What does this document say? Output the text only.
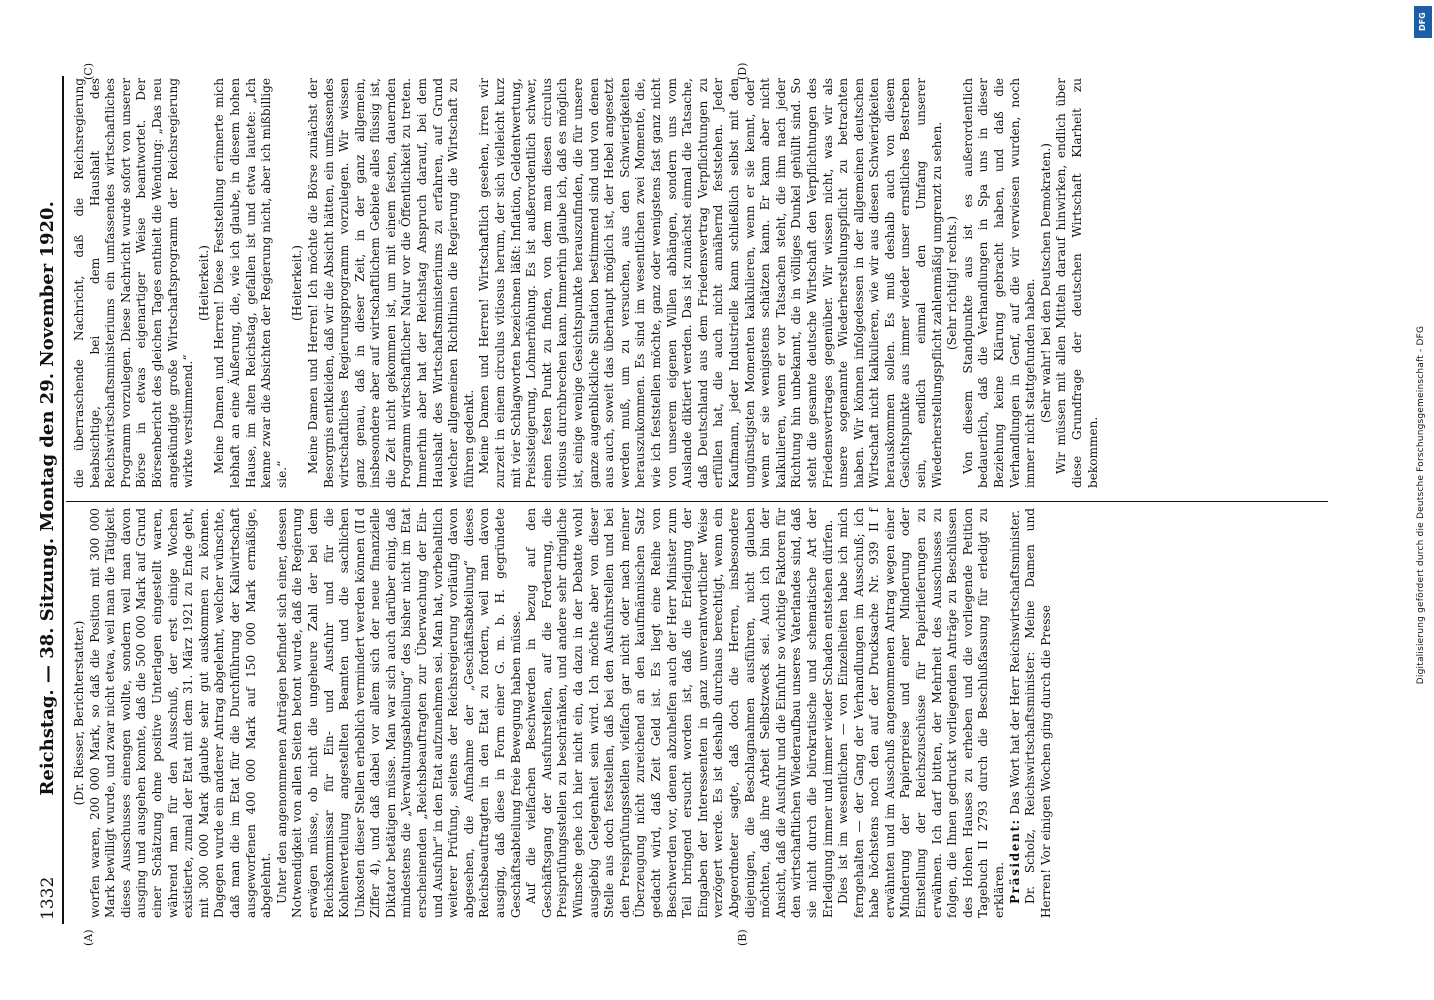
Digitalisierung gefördert durch die Deutsche Forschungsgemeinschaft - DFG
DFG
1332
Reichstag. — 38. Sitzung. Montag den 29. November 1920.
(A)	(B)
(C)	(D)

(Dr. Riesser, Berichterstatter.) worfen waren, 200 000 Mark, so daß die Position mit 300 000 Mark bewilligt wurde, und zwar nicht etwa, weil man die Tätigkeit dieses Ausschusses einengen wollte, sondern weil man davon ausging und ausgehen konnte, daß die 500 000 Mark auf Grund einer Schätzung ohne positive Unterlagen eingestellt waren, während man für den Ausschuß, der erst einige Wochen existierte, zumal der Etat mit dem 31. März 1921 zu Ende geht, mit 300 000 Mark glaubte sehr gut auskommen zu können. Dagegen wurde ein anderer Antrag abgelehnt, welcher wünschte, daß man die im Etat für die Durchführung der Kaliwirtschaft ausgeworfenen 400 000 Mark auf 150 000 Mark ermäßige, abgelehnt. Unter den angenommenen Anträgen befindet sich einer, dessen Notwendigkeit von allen Seiten betont wurde, daß die Regierung erwägen müsse, ob nicht die ungeheure Zahl der bei dem Reichskommissar für Ein- und Ausfuhr und für die Kohlenverteilung angestellten Beamten und die sachlichen Unkosten dieser Stellen erheblich vermindert werden können (II d Ziffer 4), und daß dabei vor allem sich der neue finanzielle Diktator betätigen müsse. Man war sich auch darüber einig, daß mindestens die „Verwaltungsabteilung“ des bisher nicht im Etat erscheinenden „Reichsbeauftragten zur Überwachung der Ein- und Ausfuhr“ in den Etat aufzunehmen sei. Man hat, vorbehaltlich weiterer Prüfung, seitens der Reichsregierung vorläufig davon abgesehen, die Aufnahme der „Geschäftsabteilung“ dieses Reichsbeauftragten in den Etat zu fordern, weil man davon ausging, daß diese in Form einer G. m. b. H. gegründete Geschäftsabteilung freie Bewegung haben müsse. Auf die vielfachen Beschwerden in bezug auf den Geschäftsgang der Ausfuhrstellen, auf die Forderung, die Preisprüfungsstellen zu beschränken, und andere sehr dringliche Wünsche gehe ich hier nicht ein, da dazu in der Debatte wohl ausgiebig Gelegenheit sein wird. Ich möchte aber von dieser Stelle aus doch feststellen, daß bei den Ausfuhrstellen und bei den Preisprüfungsstellen vielfach gar nicht oder nach meiner Überzeugung nicht zureichend an den kaufmännischen Satz gedacht wird, daß Zeit Geld ist. Es liegt eine Reihe von Beschwerden vor, denen abzuhelfen auch der Herr Minister zum Teil bringend ersucht worden ist, daß die Erledigung der Eingaben der Interessenten in ganz unverantwortlicher Weise verzögert werde. Es ist deshalb durchaus berechtigt, wenn ein Abgeordneter sagte, daß doch die Herren, insbesondere diejenigen, die Beschlagnahmen ausführen, nicht glauben möchten, daß ihre Arbeit Selbstzweck sei. Auch ich bin der Ansicht, daß die Ausfuhr und die Einfuhr so wichtige Faktoren für den wirtschaftlichen Wiederaufbau unseres Vaterlandes sind, daß sie nicht durch die bürokratische und schematische Art der Erledigung immer und immer wieder Schaden entstehen dürfen. Dies ist im wesentlichen — von Einzelheiten habe ich mich ferngehalten — der Gang der Verhandlungen im Ausschuß; ich habe höchstens noch den auf der Drucksache Nr. 939 II f erwähnten und im Ausschuß angenommenen Antrag wegen einer Minderung der Papierpreise und einer Minderung oder Einstellung der Reichszuschüsse für Papierlieferungen zu erwähnen. Ich darf bitten, der Mehrheit des Ausschusses zu folgen, die Ihnen gedruckt vorliegenden Anträge zu Beschlüssen des Hohen Hauses zu erheben und die vorliegende Petition Tagebuch II 2793 durch die Beschlußfassung für erledigt zu erklären. Präsident: Das Wort hat der Herr Reichswirtschaftsminister.

Dr. Scholz, Reichswirtschaftsminister: Meine Damen und Herren! Vor einigen Wochen ging durch die Presse

die überraschende Nachricht, daß die Reichsregierung beabsichtige, bei dem Haushalt des Reichswirtschaftsministeriums ein umfassendes wirtschaftliches Programm vorzulegen. Diese Nachricht wurde sofort von unserer Börse in etwas eigenartiger Weise beantwortet. Der Börsenbericht des gleichen Tages enthielt die Wendung: „Das neu angekündigte große Wirtschaftsprogramm der Reichsregierung wirkte verstimmend.“

(Heiterkeit.) Meine Damen und Herren! Diese Feststellung erinnerte mich lebhaft an eine Äußerung, die, wie ich glaube, in diesem hohen Hause, im alten Reichstag, gefallen ist und etwa lautete: „Ich kenne zwar die Absichten der Regierung nicht, aber ich mißbillige sie.“

(Heiterkeit.) Meine Damen und Herren! Ich möchte die Börse zunächst der Besorgnis entkleiden, daß wir die Absicht hätten, ein umfassendes wirtschaftliches Regierungsprogramm vorzulegen. Wir wissen ganz genau, daß in dieser Zeit, in der ganz allgemein, insbesondere aber auf wirtschaftlichem Gebiete alles flüssig ist, die Zeit nicht gekommen ist, um mit einem festen, dauernden Programm wirtschaftlicher Natur vor die Öffentlichkeit zu treten. Immerhin aber hat der Reichstag Anspruch darauf, bei dem Haushalt des Wirtschaftsministeriums zu erfahren, auf Grund welcher allgemeinen Richtlinien die Regierung die Wirtschaft zu führen gedenkt. Meine Damen und Herren! Wirtschaftlich gesehen, irren wir zurzeit in einem circulus vitiosus herum, der sich vielleicht kurz mit vier Schlagworten bezeichnen läßt: Inflation, Geldentwertung, Preissteigerung, Lohnerhöhung. Es ist außerordentlich schwer, einen festen Punkt zu finden, von dem man diesen circulus vitiosus durchbrechen kann. Immerhin glaube ich, daß es möglich ist, einige wenige Gesichtspunkte herauszufinden, die für unsere ganze augenblickliche Situation bestimmend sind und von denen aus auch, soweit das überhaupt möglich ist, der Hebel angesetzt werden muß, um zu versuchen, aus den Schwierigkeiten herauszukommen. Es sind im wesentlichen zwei Momente, die, wie ich feststellen möchte, ganz oder wenigstens fast ganz nicht von unserem eigenen Willen abhängen, sondern uns vom Auslande diktiert werden. Das ist zunächst einmal die Tatsache, daß Deutschland aus dem Friedensvertrag Verpflichtungen zu erfüllen hat, die auch nicht annähernd feststehen. Jeder Kaufmann, jeder Industrielle kann schließlich selbst mit den ungünstigsten Momenten kalkulieren, wenn er sie kennt, oder wenn er sie wenigstens schätzen kann. Er kann aber nicht kalkulieren, wenn er vor Tatsachen steht, die ihm nach jeder Richtung hin unbekannt, die in völliges Dunkel gehüllt sind. So steht die gesamte deutsche Wirtschaft den Verpflichtungen des Friedensvertrages gegenüber. Wir wissen nicht, was wir als unsere sogenannte Wiederherstellungspflicht zu betrachten haben. Wir können infolgedessen in der allgemeinen deutschen Wirtschaft nicht kalkulieren, wie wir aus diesen Schwierigkeiten herauskommen sollen. Es muß deshalb auch von diesem Gesichtspunkte aus immer wieder unser ernstliches Bestreben sein, endlich einmal den Umfang unserer Wiederherstellungspflicht zahlenmäßig umgrenzt zu sehen. (Sehr richtig! rechts.) Von diesem Standpunkte aus ist es außerordentlich bedauerlich, daß die Verhandlungen in Spa uns in dieser Beziehung keine Klärung gebracht haben, und daß die Verhandlungen in Genf, auf die wir verwiesen wurden, noch immer nicht stattgefunden haben. (Sehr wahr! bei den Deutschen Demokraten.) Wir müssen mit allen Mitteln darauf hinwirken, endlich über diese Grundfrage der deutschen Wirtschaft Klarheit zu bekommen.
